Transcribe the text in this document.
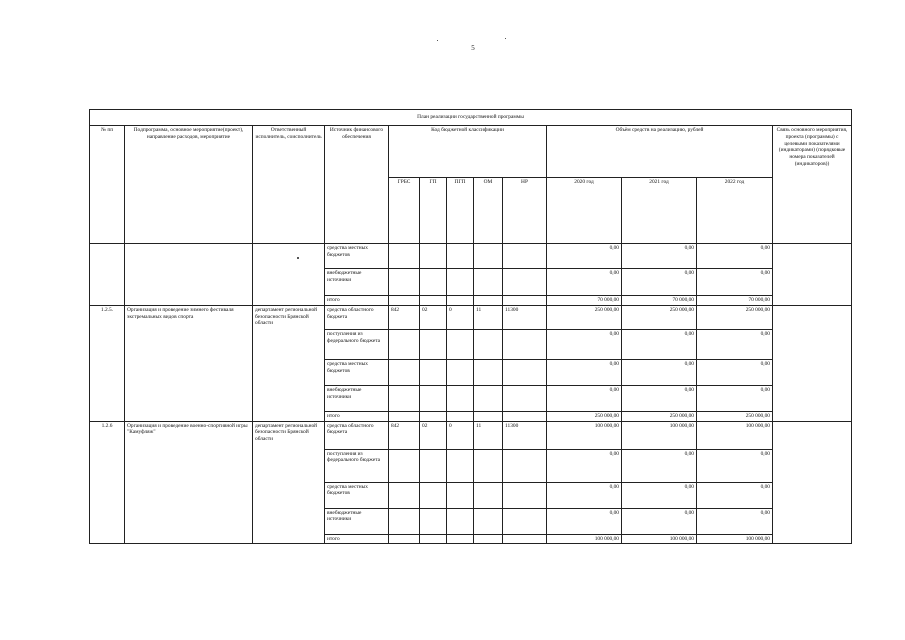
5
План реализации государственной программы												
№ пп	Подпрограмма, основное мероприятие(проект), направление расходов, мероприятие	Ответственный исполнитель, соисполнитель	Источник финансового обеспечения	Код бюджетной классификации					Объём средств на реализацию, рублей			Связь основного мероприятия, проекта (программы) с целевыми показателями (индикаторами) (порядковые номера показателей (индикаторов))
				ГРБС	ГП	ПГП	ОМ	НР	2020 год	2021 год	2022 год	
			средства местных бюджетов						0,00	0,00	0,00	
			внебюджетные источники						0,00	0,00	0,00	
			итого						70 000,00	70 000,00	70 000,00	
1.2.5.	Организация и проведение зимнего фестиваля экстремальных видов спорта	департамент региональной безопасности Брянской области	средства областного бюджета	842	02	0	11	11300	250 000,00	250 000,00	250 000,00	
			поступления из федерального бюджета						0,00	0,00	0,00	
			средства местных бюджетов						0,00	0,00	0,00	
			внебюджетные источники						0,00	0,00	0,00	
			итого						250 000,00	250 000,00	250 000,00	
1.2.6	Организация и проведение военно-спортивной игры "Камуфляж"	департамент региональной безопасности Брянской области	средства областного бюджета	842	02	0	11	11300	100 000,00	100 000,00	100 000,00	
			поступления из федерального бюджета						0,00	0,00	0,00	
			средства местных бюджетов						0,00	0,00	0,00	
			внебюджетные источники						0,00	0,00	0,00	
			итого						100 000,00	100 000,00	100 000,00	
